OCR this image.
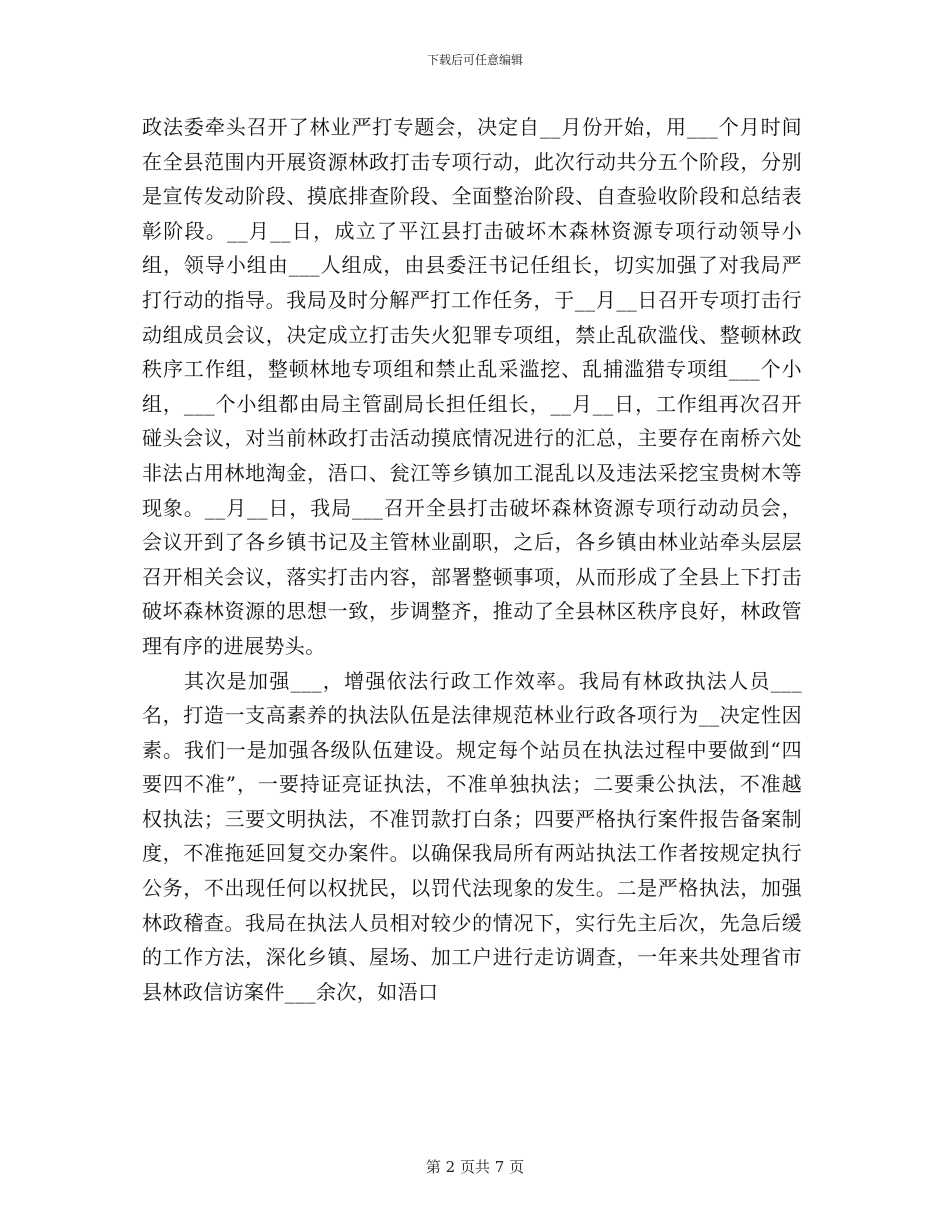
下载后可任意编辑

政法委牵头召开了林业严打专题会，决定自__月份开始，用___个月时间在全县范围内开展资源林政打击专项行动，此次行动共分五个阶段，分别是宣传发动阶段、摸底排查阶段、全面整治阶段、自查验收阶段和总结表彰阶段。__月__日，成立了平江县打击破坏木森林资源专项行动领导小组，领导小组由___人组成，由县委汪书记任组长，切实加强了对我局严打行动的指导。我局及时分解严打工作任务，于__月__日召开专项打击行动组成员会议，决定成立打击失火犯罪专项组，禁止乱砍滥伐、整顿林政秩序工作组，整顿林地专项组和禁止乱采滥挖、乱捕滥猎专项组___个小组，___个小组都由局主管副局长担任组长，__月__日，工作组再次召开碰头会议，对当前林政打击活动摸底情况进行的汇总，主要存在南桥六处非法占用林地淘金，浯口、瓮江等乡镇加工混乱以及违法采挖宝贵树木等现象。__月__日，我局___召开全县打击破坏森林资源专项行动动员会，会议开到了各乡镇书记及主管林业副职，之后，各乡镇由林业站牵头层层召开相关会议，落实打击内容，部署整顿事项，从而形成了全县上下打击破坏森林资源的思想一致，步调整齐，推动了全县林区秩序良好，林政管理有序的进展势头。

其次是加强___，增强依法行政工作效率。我局有林政执法人员___名，打造一支高素养的执法队伍是法律规范林业行政各项行为__决定性因素。我们一是加强各级队伍建设。规定每个站员在执法过程中要做到“四要四不准”，一要持证亮证执法，不准单独执法；二要秉公执法，不准越权执法；三要文明执法，不准罚款打白条；四要严格执行案件报告备案制度，不准拖延回复交办案件。以确保我局所有两站执法工作者按规定执行公务，不出现任何以权扰民，以罚代法现象的发生。二是严格执法，加强林政稽查。我局在执法人员相对较少的情况下，实行先主后次，先急后缓的工作方法，深化乡镇、屋场、加工户进行走访调查，一年来共处理省市县林政信访案件___余次，如浯口

第 2 页共 7 页
